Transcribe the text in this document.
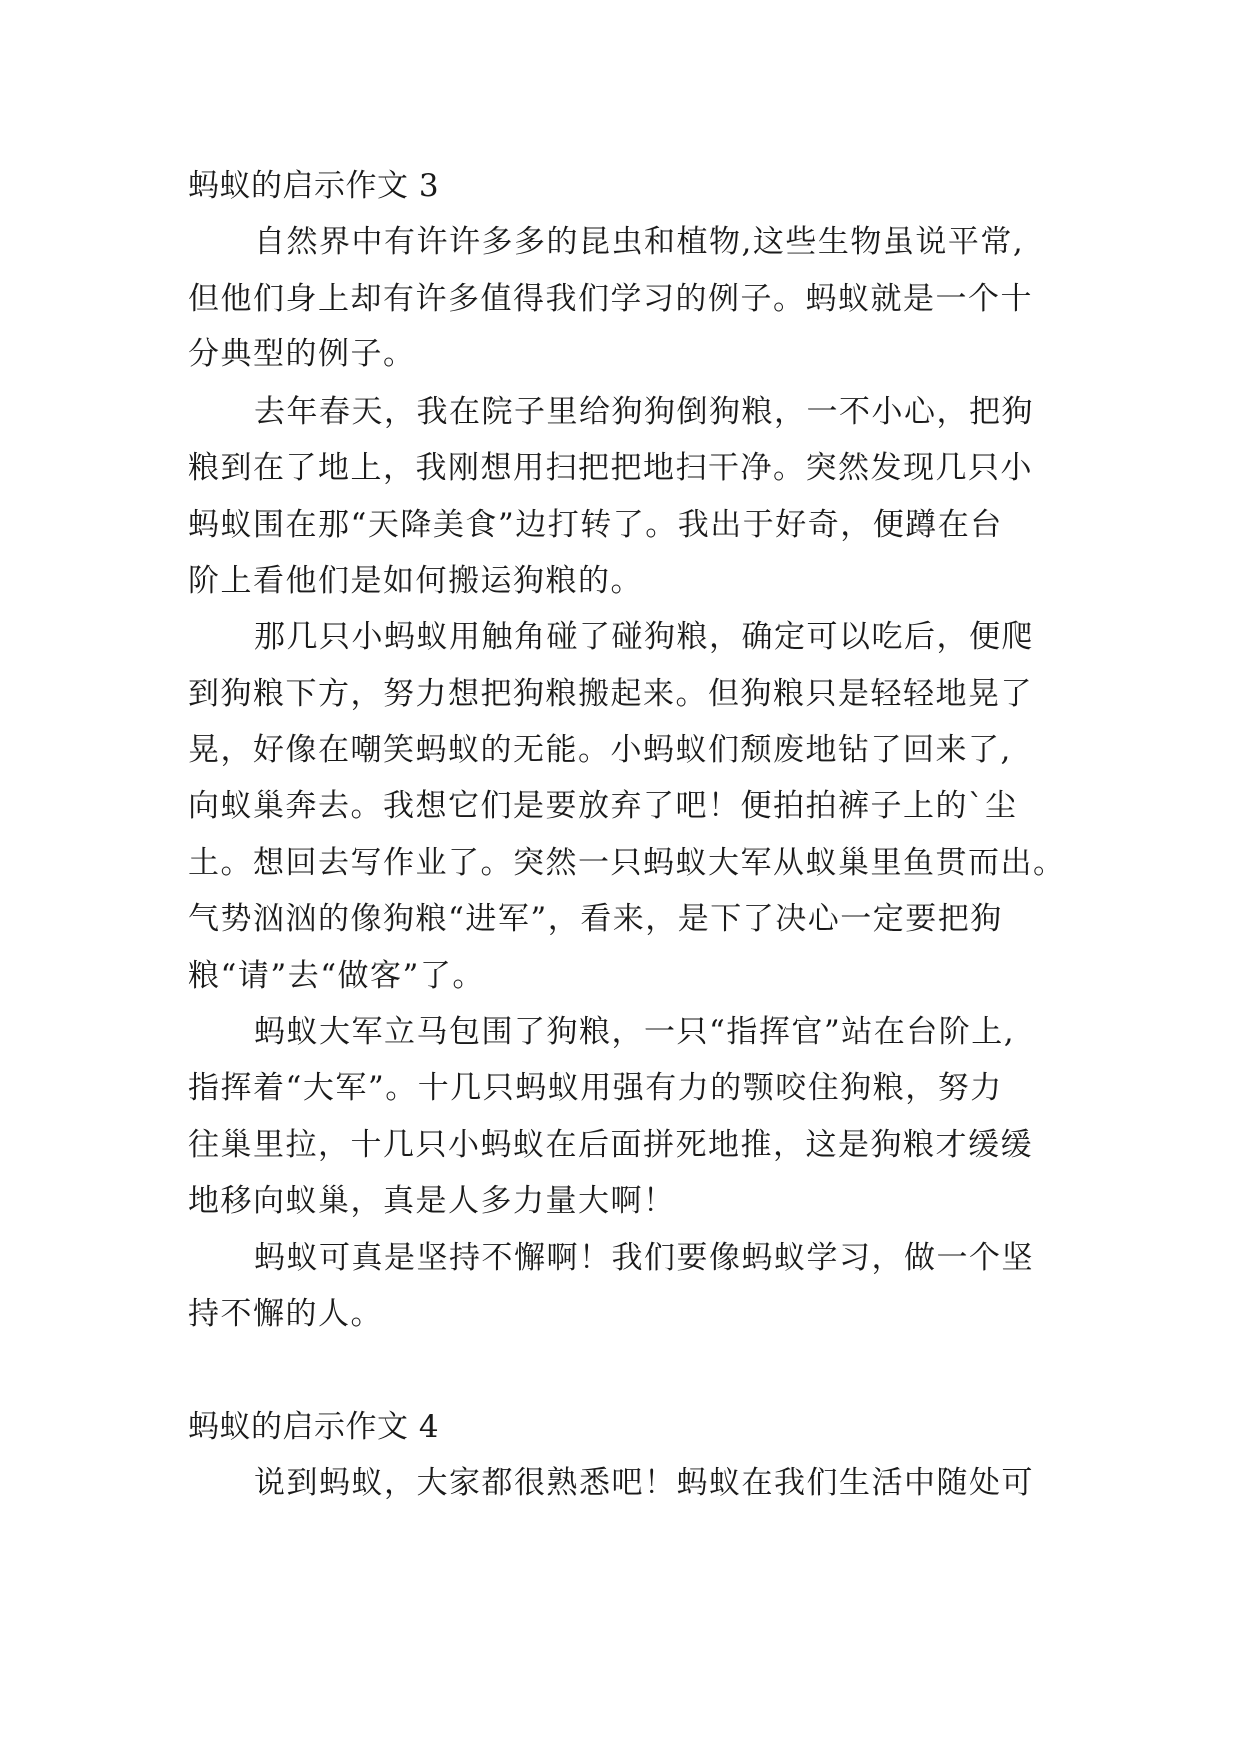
蚂蚁的启示作文 3
自然界中有许许多多的昆虫和植物,这些生物虽说平常,
但他们身上却有许多值得我们学习的例子。蚂蚁就是一个十
分典型的例子。
去年春天，我在院子里给狗狗倒狗粮，一不小心，把狗
粮到在了地上，我刚想用扫把把地扫干净。突然发现几只小
蚂蚁围在那“天降美食”边打转了。我出于好奇，便蹲在台
阶上看他们是如何搬运狗粮的。
那几只小蚂蚁用触角碰了碰狗粮，确定可以吃后，便爬
到狗粮下方，努力想把狗粮搬起来。但狗粮只是轻轻地晃了
晃，好像在嘲笑蚂蚁的无能。小蚂蚁们颓废地钻了回来了,
向蚁巢奔去。我想它们是要放弃了吧！便拍拍裤子上的`尘
土。想回去写作业了。突然一只蚂蚁大军从蚁巢里鱼贯而出。
气势汹汹的像狗粮“进军”，看来，是下了决心一定要把狗
粮“请”去“做客”了。
蚂蚁大军立马包围了狗粮，一只“指挥官”站在台阶上,
指挥着“大军”。十几只蚂蚁用强有力的颚咬住狗粮，努力
往巢里拉，十几只小蚂蚁在后面拼死地推，这是狗粮才缓缓
地移向蚁巢，真是人多力量大啊！
蚂蚁可真是坚持不懈啊！我们要像蚂蚁学习，做一个坚
持不懈的人。
蚂蚁的启示作文 4
说到蚂蚁，大家都很熟悉吧！蚂蚁在我们生活中随处可
